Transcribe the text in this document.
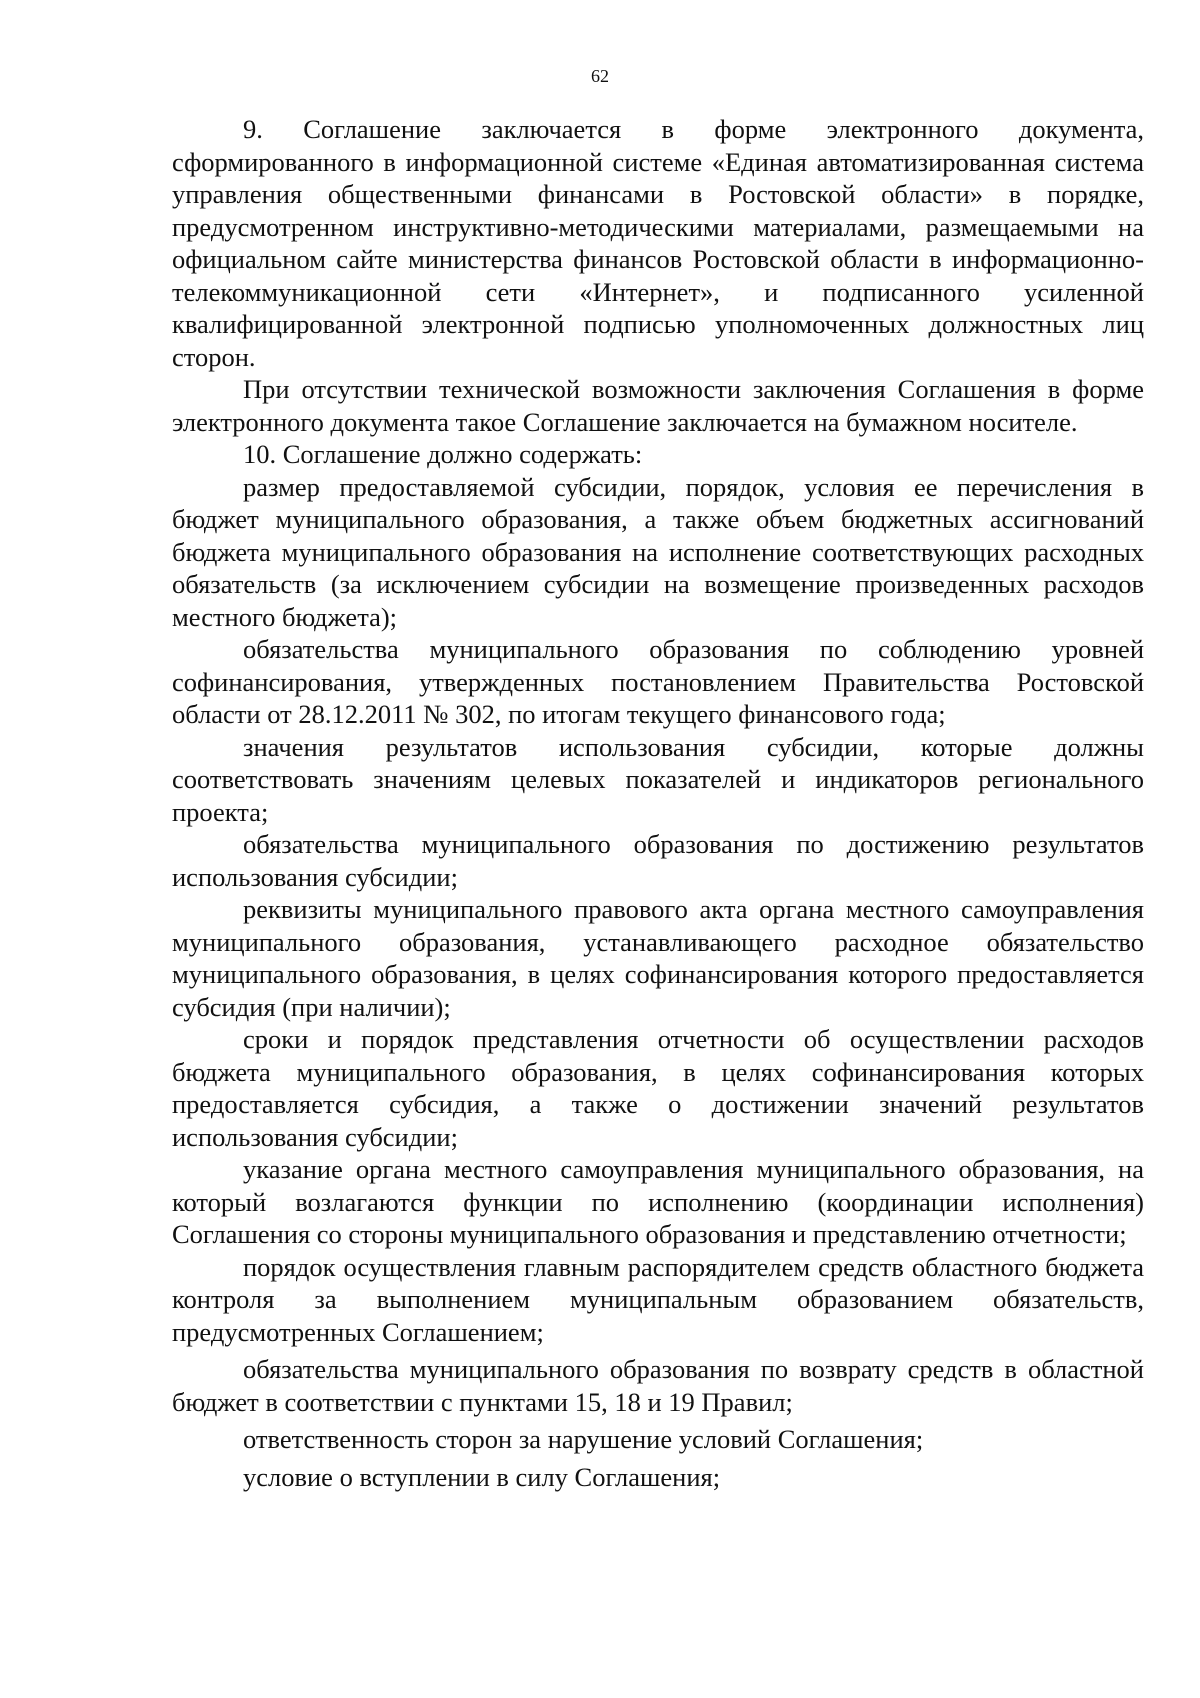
62

9. Соглашение заключается в форме электронного документа, сформированного в информационной системе «Единая автоматизированная система управления общественными финансами в Ростовской области» в порядке, предусмотренном инструктивно-методическими материалами, размещаемыми на официальном сайте министерства финансов Ростовской области в информационно-телекоммуникационной сети «Интернет», и подписанного усиленной квалифицированной электронной подписью уполномоченных должностных лиц сторон.

При отсутствии технической возможности заключения Соглашения в форме электронного документа такое Соглашение заключается на бумажном носителе.

10. Соглашение должно содержать:

размер предоставляемой субсидии, порядок, условия ее перечисления в бюджет муниципального образования, а также объем бюджетных ассигнований бюджета муниципального образования на исполнение соответствующих расходных обязательств (за исключением субсидии на возмещение произведенных расходов местного бюджета);

обязательства муниципального образования по соблюдению уровней софинансирования, утвержденных постановлением Правительства Ростовской области от 28.12.2011 № 302, по итогам текущего финансового года;

значения результатов использования субсидии, которые должны соответствовать значениям целевых показателей и индикаторов регионального проекта;

обязательства муниципального образования по достижению результатов использования субсидии;

реквизиты муниципального правового акта органа местного самоуправления муниципального образования, устанавливающего расходное обязательство муниципального образования, в целях софинансирования которого предоставляется субсидия (при наличии);

сроки и порядок представления отчетности об осуществлении расходов бюджета муниципального образования, в целях софинансирования которых предоставляется субсидия, а также о достижении значений результатов использования субсидии;

указание органа местного самоуправления муниципального образования, на который возлагаются функции по исполнению (координации исполнения) Соглашения со стороны муниципального образования и представлению отчетности;

порядок осуществления главным распорядителем средств областного бюджета контроля за выполнением муниципальным образованием обязательств, предусмотренных Соглашением;

обязательства муниципального образования по возврату средств в областной бюджет в соответствии с пунктами 15, 18 и 19 Правил;

ответственность сторон за нарушение условий Соглашения;

условие о вступлении в силу Соглашения;
